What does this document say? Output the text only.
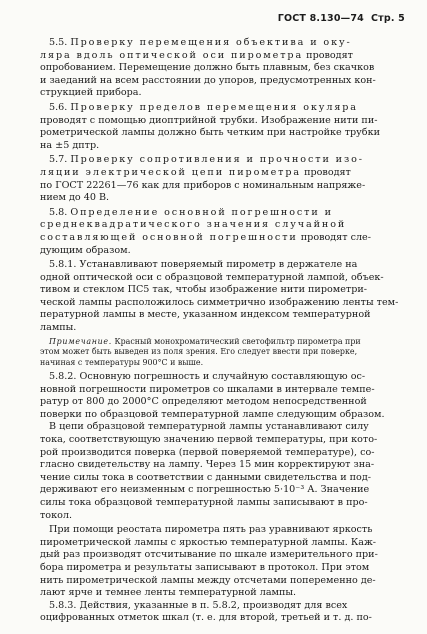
ГОСТ 8.130—74 Стр. 5
5.5. Проверку перемещения объектива и оку-
ляра вдоль оптической оси пирометра проводят
опробованием. Перемещение должно быть плавным, без скачков
и заеданий на всем расстоянии до упоров, предусмотренных кон-
струкцией прибора.
5.6. Проверку пределов перемещения окуляра
проводят с помощью диоптрийной трубки. Изображение нити пи-
рометрической лампы должно быть четким при настройке трубки
на ±5 дптр.
5.7. Проверку сопротивления и прочности изо-
ляции электрической цепи пирометра проводят
по ГОСТ 22261—76 как для приборов с номинальным напряже-
нием до 40 В.
5.8. Определение основной погрешности и
среднеквадратического значения случайной
составляющей основной погрешности проводят сле-
дующим образом.
5.8.1. Устанавливают поверяемый пирометр в держателе на
одной оптической оси с образцовой температурной лампой, объек-
тивом и стеклом ПС5 так, чтобы изображение нити пирометри-
ческой лампы расположилось симметрично изображению ленты тем-
пературной лампы в месте, указанном индексом температурной
лампы.
Примечание. Красный монохроматический светофильтр пирометра при
этом может быть выведен из поля зрения. Его следует ввести при поверке,
начиная с температуры 900°С и выше.
5.8.2. Основную погрешность и случайную составляющую ос-
новной погрешности пирометров со шкалами в интервале темпе-
ратур от 800 до 2000°С определяют методом непосредственной
поверки по образцовой температурной лампе следующим образом.
В цепи образцовой температурной лампы устанавливают силу
тока, соответствующую значению первой температуры, при кото-
рой производится поверка (первой поверяемой температуре), со-
гласно свидетельству на лампу. Через 15 мин корректируют зна-
чение силы тока в соответствии с данными свидетельства и под-
держивают его неизменным с погрешностью 5·10⁻³ А. Значение
силы тока образцовой температурной лампы записывают в про-
токол.
При помощи реостата пирометра пять раз уравнивают яркость
пирометрической лампы с яркостью температурной лампы. Каж-
дый раз производят отсчитывание по шкале измерительного при-
бора пирометра и результаты записывают в протокол. При этом
нить пирометрической лампы между отсчетами попеременно де-
лают ярче и темнее ленты температурной лампы.
5.8.3. Действия, указанные в п. 5.8.2, производят для всех
оцифрованных отметок шкал (т. е. для второй, третьей и т. д. по-
